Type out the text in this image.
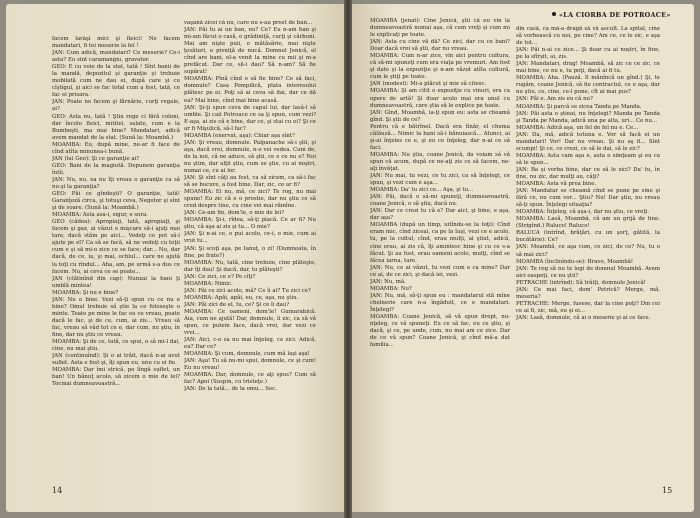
facem larăşi mici şi fleici! Ne facem mandatari, fi tei meserie la fel !

JAN: Cum adică, mandatari? Ce meserie? Ce-i asta? Eu sint caramangiu, gravator.

GEO: E cu voie de la stat, tată ! Sînt banii de la mandă, depozitul şi garanţie şi trebuie mobilată cum ne dau ei, după care şi cu cîştigul, şi aici se fac total cum a fost, tată, ce fac ei prisara.

JAN: Poate ne facem şi fărnărie, curţi regale, ai?

GEO: Asta nu, tată ! Ştiu rege ci fără coloni, dar încolo fleici, mititei, salate, cum e la Bumbeşti, ma mai bine? Mandatari, adică avem mandat de la stat. (Sună la: Moambă.)

MOAMBA: Eu, după mine, ne-ar fi face de cînd atîta minunea-i bună.

JAN (lui Geo): Şi ce garanţie ai?

GEO: Bani de la magiută. Depunem garanţia întîi.

JAN: Nu, nu, ea nu îţi vreau o garanţie ca să nu-şi la garanţia?

GEO: Păi ce gîndeşti? O garanţie, tată! Garanţeză circa, şi totuşi ceva, Negotor şi sînt şi de soare. (Sună la: Moambă.)

MOAMBA: Asta asa-i, sigur, e sora.

GEO (cădea): Apropiaţi, tată, apropiaţi, şi facem şi gaz, ai văzut o mişcare să-i ajuţi mai tare, dacă stăm pe aici... Vedeţi ce pot să-l ajute pe el? Ca să se facă, să ne vedeţi cu toţii cum e şi să mi-o zice ce se face; dar... Nu, dar dacă, de ce, ia, şi mai, ochiul... care ne ajută la toţi cu rîndul... Aha, am, pe urmă s-a dus ce facem. Nu, ai ceva ce se poate...

JAN (clătinînd din cap): Nunzai la bani ţi umblă mintea!

MOAMBA: Şi nu e bine?

JAN: Nu e bine. Vezi să-ţi spun cu ce nu e bine? Omul trebuie să ştie la ce foloseşte o minte. Toate pe mine le fac eu ce vreau, poate dacă le fac, şi de ce, cum, ai zis... Vreau să fac, vreau să văd tot ce e, dar cum, nu ştiu, în fine, dar nu ştiu ce vreau.

MOAMBA: Şi de ce, tată, ce spui, o să mi-l dai, cine, nu mai ştiu.

JAN (continuînd): Şi o ai trăit, dacă n-ai avut suflet. Asta e fost şi, îţi spun eu, unu cu ei fie.

MOAMBA: Dar îmi strică, pe lîngă suflet, un ban! Un bănuţ acolo, să zicem o mie de lei? Tocmai dumneavoastră...

vaşană zicei că nu, care nu s-au prost de ban...

JAN: Păi tu ai un ban, nu? Ce? Eu n-am ban şi mi-am făcut o casă, o grădiniţă, curţi şi cărbuni. Mai am nişte puii, o mătăsărie, mai nişte ţesături, o pivniţă de nucă. Domnul Jenică, el cînd are bani, el-a venit la mine cu mii şi m-a prefăcut. Dar ce, să-i dau? Să n-am? Să fie supărat!

MOAMBA: Pînă cînd o să fie bine? Ce să faci, domnule? Casa Pompilică, plata interesului plătesc pe ei. Poţi să ai ceva să dai, dar ce dă ea? Mai bine, cînd mai bine acasă.

JAN: Şi-ţi spun ceva de capul lui, dar lasă-l să umble. Şi caii Potroace ce sa ţi spun, cum vezi? E-aşa, ai zis că e bine, dar ce, şi stai cu ei? Şi ce ar fi Mişulică, să-l fac?

MOAMBA (enervat, aşa): Chiar aşa sînt?

JAN: Şi vreau, domnule. Palpanache să-i ştii, şi aşa, dacă vrei, domnule, n-o vei vedea. Cum de, de la noi, că ne aduce, să ştii, ce e ce nu e? Noi nu ştim, dar alţii ştiu, cum se ştie, cu ai noştri, numai ce, cu ai lor.

JAN: Şi sînt câţi au fost, ca să zicem, ca să-i fac să se bucure, a fost bine. Dar, zic, ce ar fi?

MOAMBA: Ei nu, mă, ce zici? Te rog, nu mai spune! Eu zic că e o prostie, dar nu ştiu ce să cred despre tine, cu cine vei mai rămîne.

JAN: Ce-am fin, dom'le, o mie de lei?

MOAMBA: Şi-i, rîdea, să-ţi placă. Ce ar fi? Nu ştiu, că aşa ai zis şi tu... O mie?

JAN: Şi n-ai ce, o pui acolo, ce-i, o mie, cum ai vrut tu...

JAN: Şi scoţi aşa, pe Ianuţ, o zi! (Dumneata, în fine, pe frate?)

MOAMBA: Nu, tată, cine trebuie, cine plăteşte, dar îţi dau! Şi dacă, dar, tu plăteşti?

JAN: Ce zici, ce e? Pe cîţi?

MOAMBA: Nimic.

JAN: Păi ce zici acolo, mă? Ce îi ai? Tu zici ce?

MOAMBA: Apăi, apăi, eu, ce, aşa, nu ştiu.

JAN: Păi zici de el, tu, ce? Şi ce îi dau?

MOAMBA: Ce oameni, dom'le! Gumarabică. Aia, cum ne ajută! Dar, domnule, îi zic, ca să vă spun, ce putem face, dacă vrei, dar vezi ce vrei...

JAN: Aici, c-o sa nu mai înţeleg, ce zici. Adică, eu? Dar ce?

MOAMBA: Şi cum, domnule, cum mă laşi aşa!

JAN: Aşa! Tu să nu-mi spui, domnule, ce şi cum! Eu nu vreau!

MOAMBA: Dar, domnule, ce aţi spus? Cum să fac? Apoi (Suspin, cu tristeţe.)

JAN: De la tată... de la omu... Sec.

14
«LA CIORBA DE POTROACE»

MOAMBA (jenat): Cine Jenică, ştii că eu vin la dumneavoastră numai aşa, că cum vreţi şi cum mi le explicaţi pe toate.

JAN: Asta cu cine vă dă? Ce zici, dar cu ce bani? Doar dacă vrei să ştii, dar nu vreau.

MOAMBA: Cum n-ar zice, vin aici pentru cultura, că să-mi spuneţi cum era viaţa pe vremuri. Am fost şi date şi la expoziţie şi n-am văzut atîta cultură, cum le ştiţi pe toate.

JAN (modest): Mi-a plăcut şi mie să citesc.

MOAMBA: Şi am citit o expoziţie cu vinuri, era ca opere de artă! Şi doar acolo mai era unul cu dumneavoastră, care ştia să le explice pe toate.

JAN: Gînd, Moambă, ia-ţi spun eu: asta se cheamă gînd. Şi ştii de ce?

Pentru că e bătrînel. Dacă era tînăr, el chema călăuză... Nimic la bani să-i bănuiască... Atunci, ai şi-ai înţeles ce e, şi eu ce înţeleg, dar n-ai ce să faci.

MOAMBA: Nu ştiu, coane Jenică, da voiam să vă spun că acum, după ce ne-aţi zis ce să facem, ne-aţi învăţat.

JAN: Nu mai, tu vezi, ce tu zici, ca să înţelegi, ce spun, şi vezi cum e aşa...

MOAMBA: Da' tu zici ce... Aşa, şi tu...

JAN: Păi, dacă o să-mi spuneţi, dumneavoastră, coane Jenică, o să ştiu, dacă nu.

JAN: Dar ce crezi tu că e? Dar aici, şi bine, e aşa, dar aşa?

MOAMBA (după un timp, uitîndu-se la toţi): Cînd eram mic, cînd ziceai, ca pe la Iaşi, vezi ce e acolo, tu, pe la coltul, cînd, erau mulţi, ai ştiut, adică, cine erau, ai zis că, îţi amintesc bine şi cu ce s-a făcut. Şi au fost, erau oameni acolo, mulţi, cînd se făcea iarna, tare.

JAN: Nu, ce ai văzut, tu vezi cum e ca mine? Dar ce ai, de ce zici, şi dacă iei, vezi.

JAN: Nu, mă.

MOAMBA: Nu?

JAN: Nu, mă, să-ţi spun eu : mandatarul stă mîne chelnerie care n-a îngăduit, ce e mandatari. Înţelegi?

MOAMBA: Coane Jenică, să vă spun drept, nu-nţeleg, ce vă spuneţi. Eu ce să fac, eu ce ştiu, şi dacă, şi ce, pe unde, cum, nu mai am ce zice. Dar de ce vă spun? Coane Jenică, şi cînd mă-a dat familia...

din casă, ca mă-a dragă să vă ascult. La spital, cine să vorbească cu noi, pe cine? Am ce, ce le zic, e aşa de tot...

JAN: Păi n-ai ce zice... Şi doar cu ai noştri, în fine, pe la sfîrşit, ai, zis.

JAN: Mandatari, drag! Moambă, să zic ce ce zic, ce mai bine, ce nu e, tu poţi, dacă ai fi tu.

MOAMBA: Aha. (Pauză. Il mănîncă un gînd.) Şi, te rugăm, coane Jenică, să fie contractul, ce e aşa, dar nu ştiu, ce, cine, ce-l pune, cît ai mai pus?

JAN: Păi e. Am zis eu că nu?

MOAMBA: Şi parcă se zicea Tanda pe Manda.

JAN: Păi asta o ştieai, nu înţelegi? Manda pe Tanda şi Tanda pe Manda, adică una pe alta, uri... Ce nu...

MOAMBA: Adică aşa, un fel de fel nu e. Ce...

JAN: Da, mă, adică totuna e. Vor să facă ei un mandatari! Vor! Dar nu vreau. Şi nu aş fi... Sînt scumpi! Şi ce, ce crezi, ce să le dai, să le zic?

MOAMBA: Asta cam aşa e, asta o simţeam şi eu ca să le spun...

JAN: Ba şi vorba bine, dar ce să le zici? Da' tu, în fine, nu zic, dar mulţi au, câţi?

MOAMBA: Asta vă prea bine.

JAN: Mandatar se cheamă cînd se pune pe sine şi fără ce, nu cum vor... Ştiu? Nu! Dar ştiu, nu vreau să-ţi spun. Înţelegi situaţia?

MOAMBA: Înţeleg, că aşa-i, dar nu ştiu, ce vreţi.

MOAMBA: Lasă, Moambă, că am un grijă de tine. (Strigînd.) Raluco! Raluco!

RALUCA (intrînd, brăţări, cu un şorţ, gătită, la bucătărie): Ce?

JAN: Moambă, ce aşa cum, ce zici, de ce? Nu, tu o să mai zici?

MOAMBA (înclinîndu-se): Bravo, Moambă!

JAN: Te rog să nu te legi de domnul Moambă. Avem aici oaspeţi, ce nu ştii?

PETRACHE (intrînd): Să trăiţi, domnule Jenică!

JAN: Ce mai faci, dom' Petrică? Merge, mă, meseria?

PETRACHE: Merge, fusese, dar la cine poţi? Din cei ce ai fi, zic, mă, eu şi ei...

JAN: Lasă, domnule, că ai o meserie şi ai ce face.

15
